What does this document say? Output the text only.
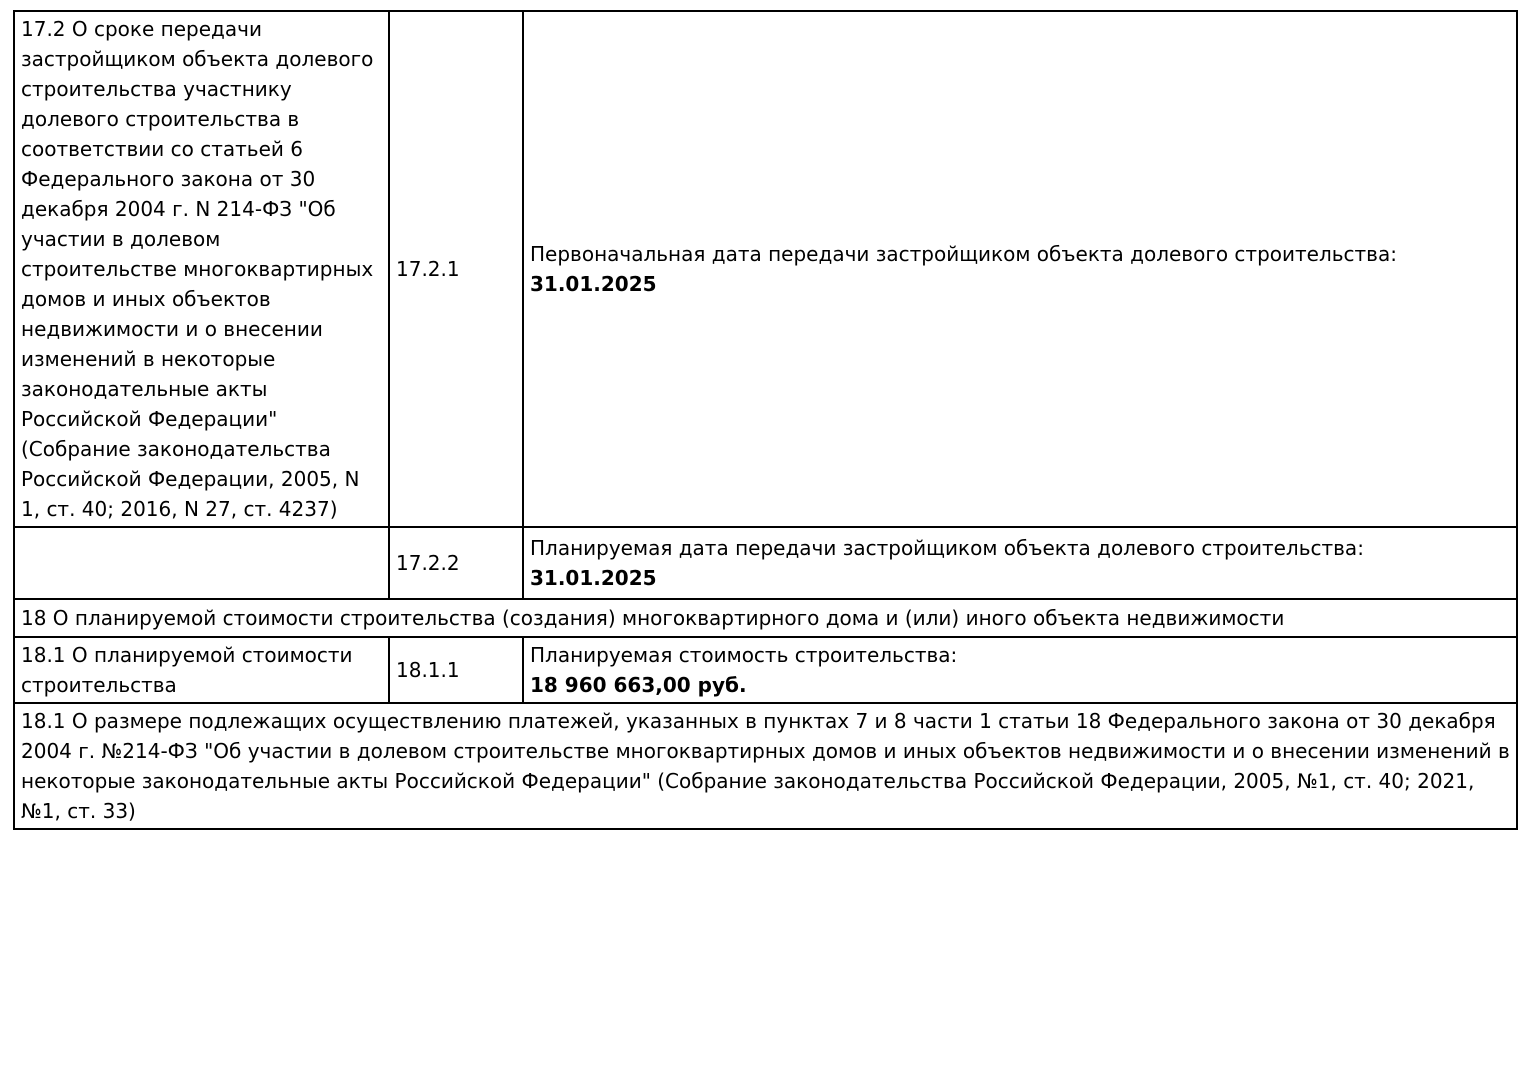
17.2 О сроке передачи застройщиком объекта долевого строительства участнику долевого строительства в соответствии со статьей 6 Федерального закона от 30 декабря 2004 г. N 214-ФЗ "Об участии в долевом строительстве многоквартирных домов и иных объектов недвижимости и о внесении изменений в некоторые законодательные акты Российской Федерации" (Собрание законодательства Российской Федерации, 2005, N 1, ст. 40; 2016, N 27, ст. 4237)	17.2.1	Первоначальная дата передачи застройщиком объекта долевого строительства:
31.01.2025

	17.2.2	Планируемая дата передачи застройщиком объекта долевого строительства:
31.01.2025

18 О планируемой стоимости строительства (создания) многоквартирного дома и (или) иного объекта недвижимости		
18.1 О планируемой стоимости строительства	18.1.1	Планируемая стоимость строительства:
18 960 663,00 руб.

18.1 О размере подлежащих осуществлению платежей, указанных в пунктах 7 и 8 части 1 статьи 18 Федерального закона от 30 декабря 2004 г. №214-ФЗ "Об участии в долевом строительстве многоквартирных домов и иных объектов недвижимости и о внесении изменений в некоторые законодательные акты Российской Федерации" (Собрание законодательства Российской Федерации, 2005, №1, ст. 40; 2021, №1, ст. 33)		
